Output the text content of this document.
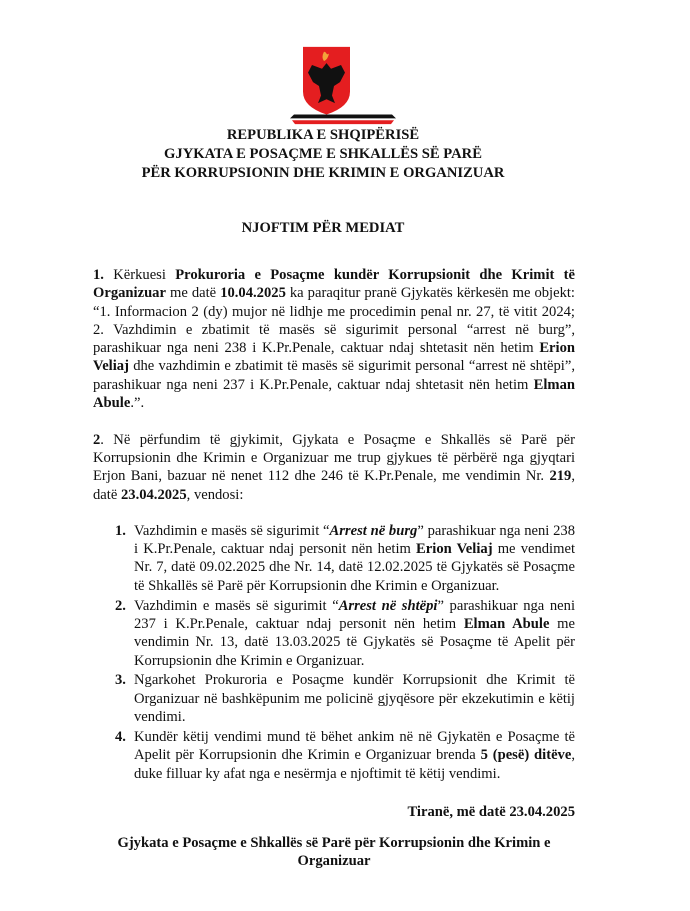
REPUBLIKA E SHQIPËRISË
GJYKATA E POSAÇME E SHKALLËS SË PARË
PËR KORRUPSIONIN DHE KRIMIN E ORGANIZUAR
NJOFTIM PËR MEDIAT

1. Kërkuesi Prokuroria e Posaçme kundër Korrupsionit dhe Krimit të Organizuar me datë 10.04.2025 ka paraqitur pranë Gjykatës kërkesën me objekt: “1. Informacion 2 (dy) mujor në lidhje me procedimin penal nr. 27, të vitit 2024; 2. Vazhdimin e zbatimit të masës së sigurimit personal “arrest në burg”, parashikuar nga neni 238 i K.Pr.Penale, caktuar ndaj shtetasit nën hetim Erion Veliaj dhe vazhdimin e zbatimit të masës së sigurimit personal “arrest në shtëpi”, parashikuar nga neni 237 i K.Pr.Penale, caktuar ndaj shtetasit nën hetim Elman Abule.”.

2. Në përfundim të gjykimit, Gjykata e Posaçme e Shkallës së Parë për Korrupsionin dhe Krimin e Organizuar me trup gjykues të përbërë nga gjyqtari Erjon Bani, bazuar në nenet 112 dhe 246 të K.Pr.Penale, me vendimin Nr. 219, datë 23.04.2025, vendosi:

1. Vazhdimin e masës së sigurimit “Arrest në burg” parashikuar nga neni 238 i K.Pr.Penale, caktuar ndaj personit nën hetim Erion Veliaj me vendimet Nr. 7, datë 09.02.2025 dhe Nr. 14, datë 12.02.2025 të Gjykatës së Posaçme të Shkallës së Parë për Korrupsionin dhe Krimin e Organizuar.
2. Vazhdimin e masës së sigurimit “Arrest në shtëpi” parashikuar nga neni 237 i K.Pr.Penale, caktuar ndaj personit nën hetim Elman Abule me vendimin Nr. 13, datë 13.03.2025 të Gjykatës së Posaçme të Apelit për Korrupsionin dhe Krimin e Organizuar.
3. Ngarkohet Prokuroria e Posaçme kundër Korrupsionit dhe Krimit të Organizuar në bashkëpunim me policinë gjyqësore për ekzekutimin e këtij vendimi.
4. Kundër këtij vendimi mund të bëhet ankim në në Gjykatën e Posaçme të Apelit për Korrupsionin dhe Krimin e Organizuar brenda 5 (pesë) ditëve, duke filluar ky afat nga e nesërmja e njoftimit të këtij vendimi.
Tiranë, më datë 23.04.2025
Gjykata e Posaçme e Shkallës së Parë për Korrupsionin dhe Krimin e Organizuar
